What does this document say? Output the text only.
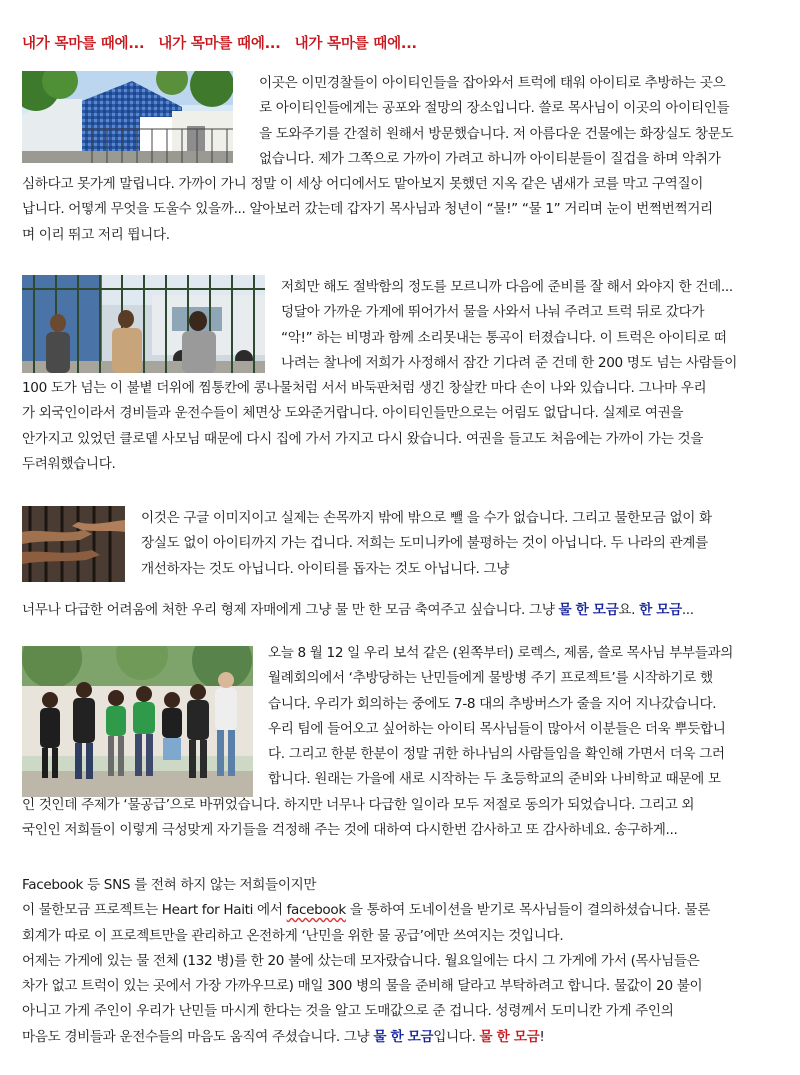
내가 목마를 때에... 내가 목마를 때에... 내가 목마를 때에...

이곳은 이민경찰들이 아이티인들을 잡아와서 트럭에 태워 아이티로 추방하는 곳으

로 아이티인들에게는 공포와 절망의 장소입니다. 쓸로 목사님이 이곳의 아이티인들

을 도와주기를 간절히 원해서 방문했습니다. 저 아름다운 건물에는 화장실도 창문도

없습니다. 제가 그쪽으로 가까이 가려고 하니까 아이티분들이 질겁을 하며 악취가

심하다고 못가게 말립니다. 가까이 가니 정말 이 세상 어디에서도 맡아보지 못했던 지옥 같은 냄새가 코를 막고 구역질이

납니다. 어떻게 무엇을 도울수 있을까... 알아보러 갔는데 갑자기 목사님과 청년이 “물!” “물 1” 거리며 눈이 번쩍번쩍거리

며 이리 뛰고 저리 뜁니다.

저희만 해도 절박함의 정도를 모르니까 다음에 준비를 잘 해서 와야지 한 건데...

덩달아 가까운 가게에 뛰어가서 물을 사와서 나눠 주려고 트럭 뒤로 갔다가

“악!” 하는 비명과 함께 소리못내는 통곡이 터졌습니다. 이 트럭은 아이티로 떠

나려는 찰나에 저희가 사정해서 잠간 기다려 준 건데 한 200 명도 넘는 사람들이

100 도가 넘는 이 불볕 더위에 찜통칸에 콩나물처럼 서서 바둑판처럼 생긴 창살칸 마다 손이 나와 있습니다. 그나마 우리

가 외국인이라서 경비들과 운전수들이 체면상 도와준거랍니다. 아이티인들만으로는 어림도 없답니다. 실제로 여권을

안가지고 있었던 클로뎉 사모님 때문에 다시 집에 가서 가지고 다시 왔습니다. 여권을 들고도 처음에는 가까이 가는 것을

두려워했습니다.

이것은 구글 이미지이고 실제는 손목까지 밖에 밖으로 뺄 을 수가 없습니다. 그리고 물한모금 없이 화

장실도 없이 아이티까지 가는 겁니다. 저희는 도미니카에 불평하는 것이 아닙니다. 두 나라의 관계를

개선하자는 것도 아닙니다. 아이티를 돕자는 것도 아닙니다. 그냥

너무나 다급한 어려움에 처한 우리 형제 자매에게 그냥 물 만 한 모금 축여주고 싶습니다. 그냥 물 한 모금요. 한 모금...

오늘 8 월 12 일 우리 보석 같은 (왼쪽부터) 로렉스, 제롬, 쓸로 목사님 부부들과의

월례회의에서 ‘추방당하는 난민들에게 물방병 주기 프로젝트’를 시작하기로 했

습니다. 우리가 회의하는 중에도 7-8 대의 추방버스가 줄을 지어 지나갔습니다.

우리 팀에 들어오고 싶어하는 아이티 목사님들이 많아서 이분들은 더욱 뿌듯합니

다. 그리고 한분 한분이 정말 귀한 하나님의 사람들임을 확인해 가면서 더욱 그러

합니다. 원래는 가을에 새로 시작하는 두 초등학교의 준비와 나비학교 때문에 모

인 것인데 주제가 ‘물공급’으로 바뀌었습니다. 하지만 너무나 다급한 일이라 모두 저절로 동의가 되었습니다. 그리고 외

국인인 저희들이 이렇게 극성맞게 자기들을 걱정해 주는 것에 대하여 다시한번 감사하고 또 감사하네요. 송구하게...

Facebook 등 SNS 를 전혀 하지 않는 저희들이지만

이 물한모금 프로젝트는 Heart for Haiti 에서 facebook 을 통하여 도네이션을 받기로 목사님들이 결의하셨습니다. 물론

회계가 따로 이 프로젝트만을 관리하고 온전하게 ‘난민을 위한 물 공급’에만 쓰여지는 것입니다.

어제는 가게에 있는 물 전체 (132 병)를 한 20 불에 샀는데 모자랐습니다. 월요일에는 다시 그 가게에 가서 (목사님들은

차가 없고 트럭이 있는 곳에서 가장 가까우므로) 매일 300 병의 물을 준비해 달라고 부탁하려고 합니다. 물값이 20 불이

아니고 가게 주인이 우리가 난민들 마시게 한다는 것을 알고 도매값으로 준 겁니다. 성령께서 도미니칸 가게 주인의

마음도 경비들과 운전수들의 마음도 움직여 주셨습니다. 그냥 물 한 모금입니다. 물 한 모금!
